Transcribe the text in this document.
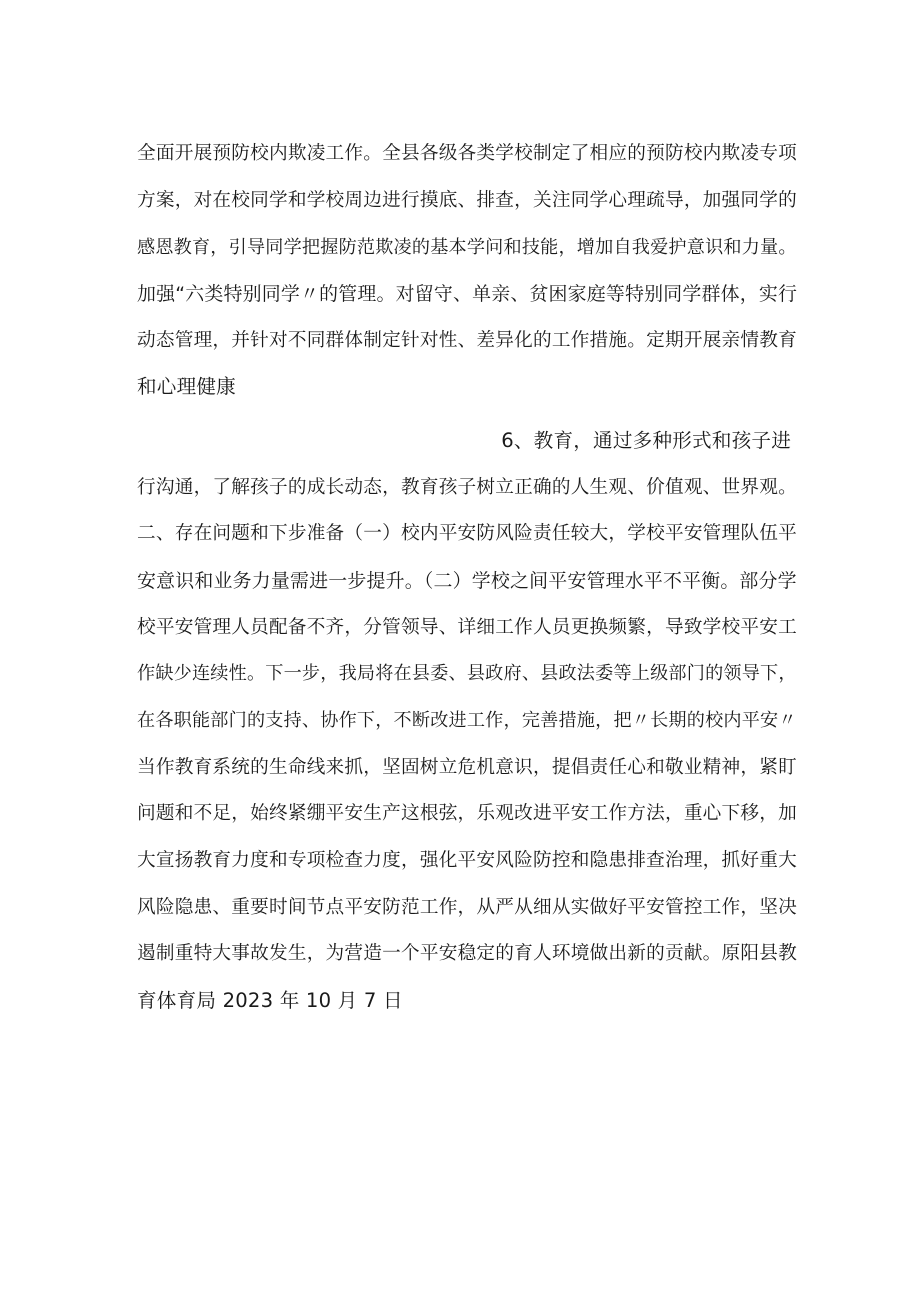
全面开展预防校内欺凌工作。全县各级各类学校制定了相应的预防校内欺凌专项
方案，对在校同学和学校周边进行摸底、排查，关注同学心理疏导，加强同学的
感恩教育，引导同学把握防范欺凌的基本学问和技能，增加自我爱护意识和力量。
加强“六类特别同学〃的管理。对留守、单亲、贫困家庭等特别同学群体，实行
动态管理，并针对不同群体制定针对性、差异化的工作措施。定期开展亲情教育
和心理健康
6、教育，通过多种形式和孩子进
行沟通，了解孩子的成长动态，教育孩子树立正确的人生观、价值观、世界观。
二、存在问题和下步准备（一）校内平安防风险责任较大，学校平安管理队伍平
安意识和业务力量需进一步提升。（二）学校之间平安管理水平不平衡。部分学
校平安管理人员配备不齐，分管领导、详细工作人员更换频繁，导致学校平安工
作缺少连续性。下一步，我局将在县委、县政府、县政法委等上级部门的领导下，
在各职能部门的支持、协作下，不断改进工作，完善措施，把〃长期的校内平安〃
当作教育系统的生命线来抓，坚固树立危机意识，提倡责任心和敬业精神，紧盯
问题和不足，始终紧绷平安生产这根弦，乐观改进平安工作方法，重心下移，加
大宣扬教育力度和专项检查力度，强化平安风险防控和隐患排查治理，抓好重大
风险隐患、重要时间节点平安防范工作，从严从细从实做好平安管控工作，坚决
遏制重特大事故发生，为营造一个平安稳定的育人环境做出新的贡献。原阳县教
育体育局 2023 年 10 月 7 日
